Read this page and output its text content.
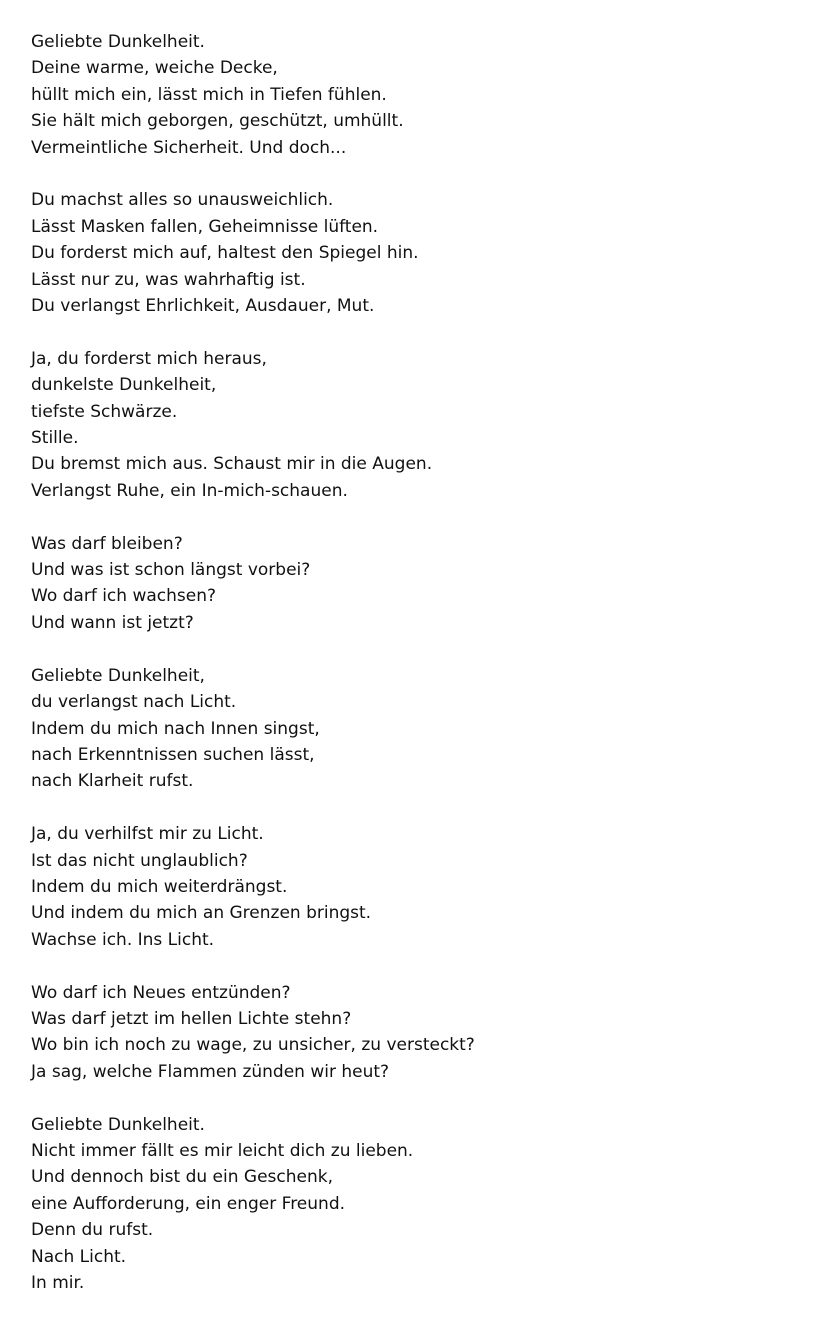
Geliebte Dunkelheit.
Deine warme, weiche Decke,
hüllt mich ein, lässt mich in Tiefen fühlen.
Sie hält mich geborgen, geschützt, umhüllt.
Vermeintliche Sicherheit. Und doch...
Du machst alles so unausweichlich.
Lässt Masken fallen, Geheimnisse lüften.
Du forderst mich auf, haltest den Spiegel hin.
Lässt nur zu, was wahrhaftig ist.
Du verlangst Ehrlichkeit, Ausdauer, Mut.
Ja, du forderst mich heraus,
dunkelste Dunkelheit,
tiefste Schwärze.
Stille.
Du bremst mich aus. Schaust mir in die Augen.
Verlangst Ruhe, ein In-mich-schauen.
Was darf bleiben?
Und was ist schon längst vorbei?
Wo darf ich wachsen?
Und wann ist jetzt?
Geliebte Dunkelheit,
du verlangst nach Licht.
Indem du mich nach Innen singst,
nach Erkenntnissen suchen lässt,
nach Klarheit rufst.
Ja, du verhilfst mir zu Licht.
Ist das nicht unglaublich?
Indem du mich weiterdrängst.
Und indem du mich an Grenzen bringst.
Wachse ich. Ins Licht.
Wo darf ich Neues entzünden?
Was darf jetzt im hellen Lichte stehn?
Wo bin ich noch zu wage, zu unsicher, zu versteckt?
Ja sag, welche Flammen zünden wir heut?
Geliebte Dunkelheit.
Nicht immer fällt es mir leicht dich zu lieben.
Und dennoch bist du ein Geschenk,
eine Aufforderung, ein enger Freund.
Denn du rufst.
Nach Licht.
In mir.
